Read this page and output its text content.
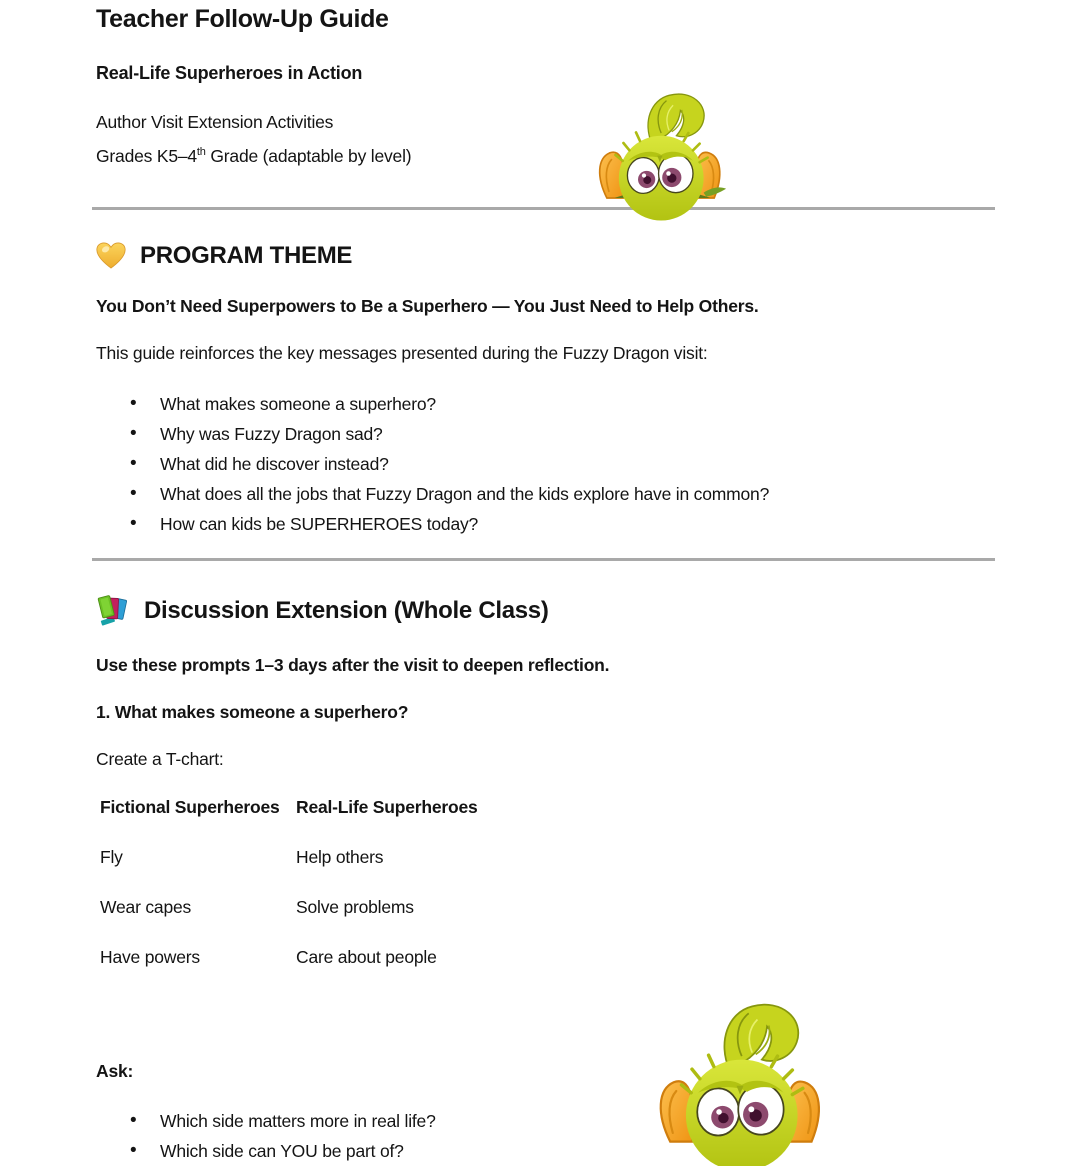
Teacher Follow-Up Guide

Real-Life Superheroes in Action

Author Visit Extension Activities
Grades K5–4th Grade (adaptable by level)

PROGRAM THEME

You Don’t Need Superpowers to Be a Superhero — You Just Need to Help Others.

This guide reinforces the key messages presented during the Fuzzy Dragon visit:

• What makes someone a superhero?
• Why was Fuzzy Dragon sad?
• What did he discover instead?
• What does all the jobs that Fuzzy Dragon and the kids explore have in common?
• How can kids be SUPERHEROES today?
Discussion Extension (Whole Class)

Use these prompts 1–3 days after the visit to deepen reflection.

1. What makes someone a superhero?

Create a T-chart:

Fictional Superheroes	Real-Life Superheroes
Fly	Help others
Wear capes	Solve problems
Have powers	Care about people

Ask:

• Which side matters more in real life?
• Which side can YOU be part of?
